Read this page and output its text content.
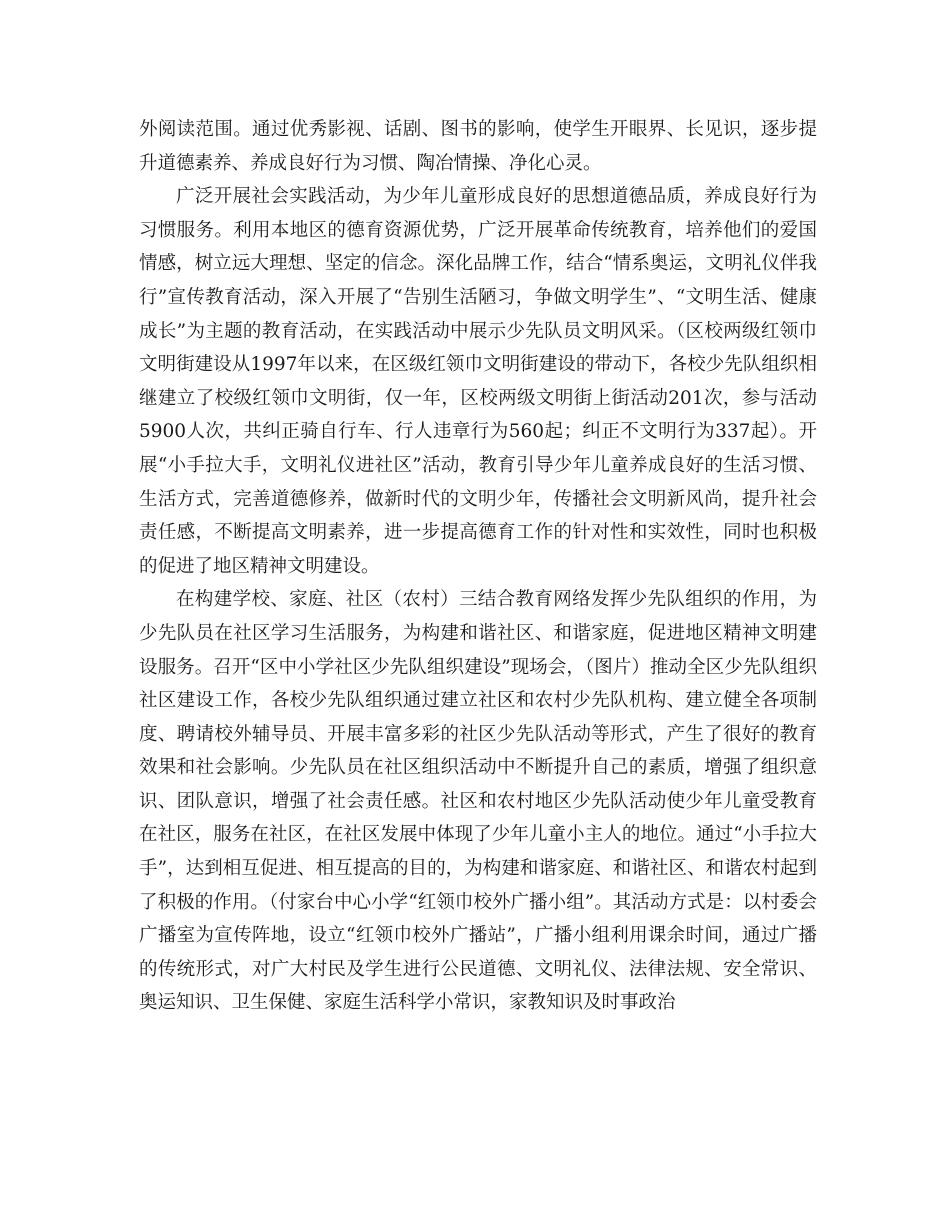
外阅读范围。通过优秀影视、话剧、图书的影响，使学生开眼界、长见识，逐步提升道德素养、养成良好行为习惯、陶冶情操、净化心灵。

广泛开展社会实践活动，为少年儿童形成良好的思想道德品质，养成良好行为习惯服务。利用本地区的德育资源优势，广泛开展革命传统教育，培养他们的爱国情感，树立远大理想、坚定的信念。深化品牌工作，结合“情系奥运，文明礼仪伴我行”宣传教育活动，深入开展了“告别生活陋习，争做文明学生”、“文明生活、健康成长”为主题的教育活动，在实践活动中展示少先队员文明风采。（区校两级红领巾文明街建设从1997年以来，在区级红领巾文明街建设的带动下，各校少先队组织相继建立了校级红领巾文明街，仅一年，区校两级文明街上街活动201次，参与活动5900人次，共纠正骑自行车、行人违章行为560起；纠正不文明行为337起）。开展“小手拉大手，文明礼仪进社区”活动，教育引导少年儿童养成良好的生活习惯、生活方式，完善道德修养，做新时代的文明少年，传播社会文明新风尚，提升社会责任感，不断提高文明素养，进一步提高德育工作的针对性和实效性，同时也积极的促进了地区精神文明建设。

在构建学校、家庭、社区（农村）三结合教育网络发挥少先队组织的作用，为少先队员在社区学习生活服务，为构建和谐社区、和谐家庭，促进地区精神文明建设服务。召开“区中小学社区少先队组织建设”现场会，（图片）推动全区少先队组织社区建设工作，各校少先队组织通过建立社区和农村少先队机构、建立健全各项制度、聘请校外辅导员、开展丰富多彩的社区少先队活动等形式，产生了很好的教育效果和社会影响。少先队员在社区组织活动中不断提升自己的素质，增强了组织意识、团队意识，增强了社会责任感。社区和农村地区少先队活动使少年儿童受教育在社区，服务在社区，在社区发展中体现了少年儿童小主人的地位。通过“小手拉大手”，达到相互促进、相互提高的目的，为构建和谐家庭、和谐社区、和谐农村起到了积极的作用。（付家台中心小学“红领巾校外广播小组”。其活动方式是：以村委会广播室为宣传阵地，设立“红领巾校外广播站”，广播小组利用课余时间，通过广播的传统形式，对广大村民及学生进行公民道德、文明礼仪、法律法规、安全常识、奥运知识、卫生保健、家庭生活科学小常识，家教知识及时事政治
